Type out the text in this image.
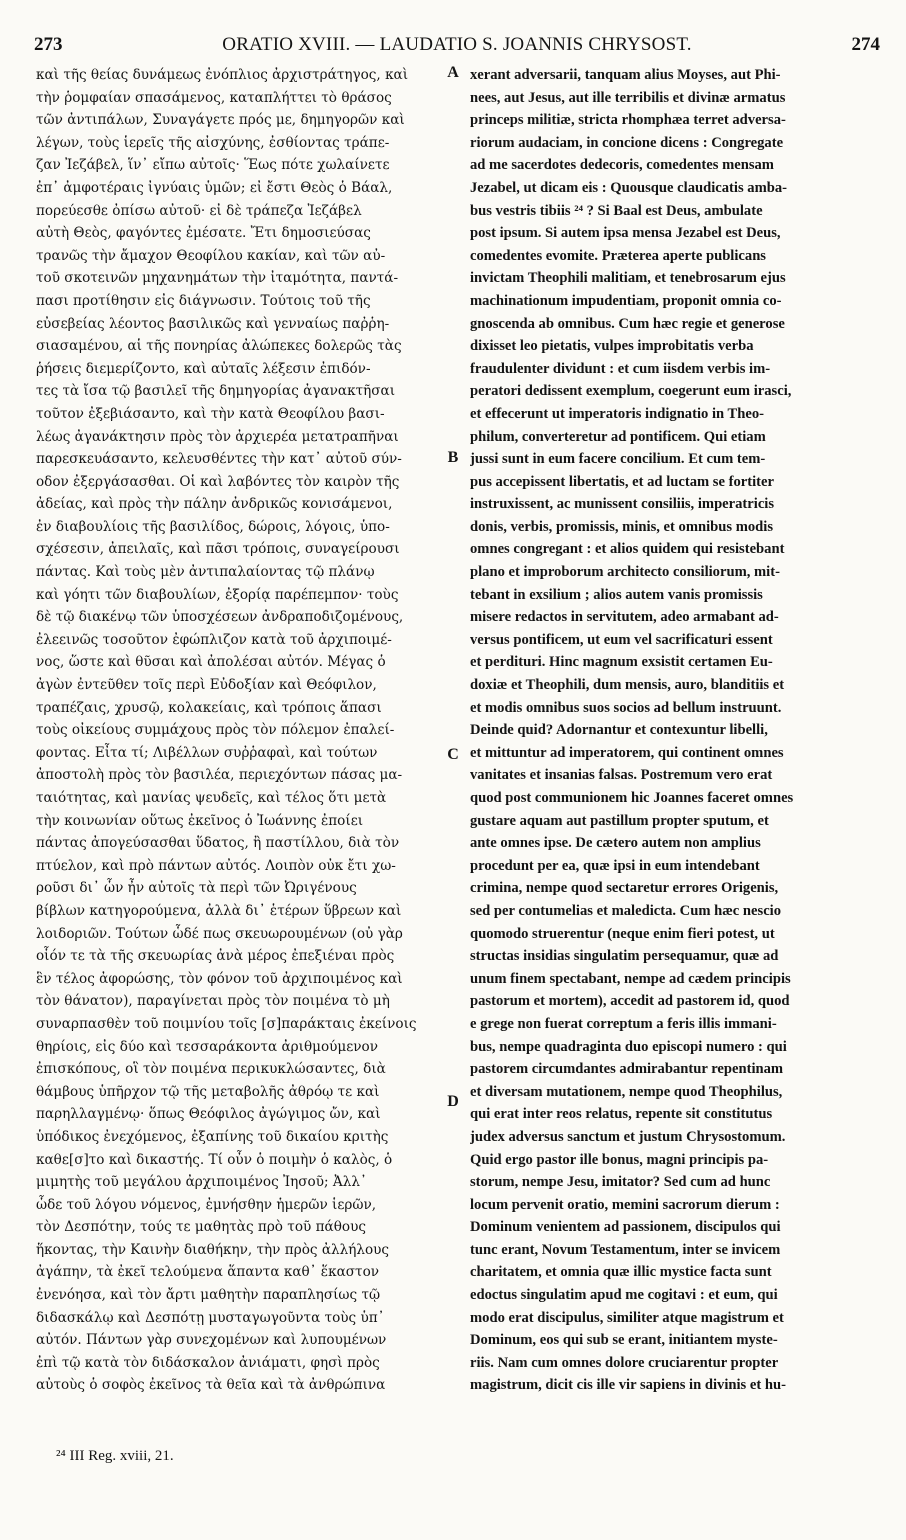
273	ORATIO XVIII. — LAUDATIO S. JOANNIS CHRYSOST.	274
καὶ τῆς θείας δυνάμεως ἐνόπλιος ἀρχιστράτηγος, καὶ
τὴν ῥομφαίαν σπασάμενος, καταπλήττει τὸ θράσος
τῶν ἀντιπάλων, Συναγάγετε πρός με, δημηγορῶν καὶ
λέγων, τοὺς ἱερεῖς τῆς αἰσχύνης, ἐσθίοντας τράπε-
ζαν Ἰεζάβελ, ἵν᾽ εἴπω αὐτοῖς· Ἕως πότε χωλαίνετε
ἐπ᾽ ἀμφοτέραις ἰγνύαις ὑμῶν; εἰ ἔστι Θεὸς ὁ Βάαλ,
πορεύεσθε ὀπίσω αὐτοῦ· εἰ δὲ τράπεζα Ἰεζάβελ
αὐτὴ Θεὸς, φαγόντες ἐμέσατε. Ἔτι δημοσιεύσας
τρανῶς τὴν ἄμαχον Θεοφίλου κακίαν, καὶ τῶν αὐ-
τοῦ σκοτεινῶν μηχανημάτων τὴν ἰταμότητα, παντά-
πασι προτίθησιν εἰς διάγνωσιν. Τούτοις τοῦ τῆς
εὐσεβείας λέοντος βασιλικῶς καὶ γενναίως παῤῥη-
σιασαμένου, αἱ τῆς πονηρίας ἀλώπεκες δολερῶς τὰς
ῥήσεις διεμερίζοντο, καὶ αὐταῖς λέξεσιν ἐπιδόν-
τες τὰ ἴσα τῷ βασιλεῖ τῆς δημηγορίας ἀγανακτῆσαι
τοῦτον ἐξεβιάσαντο, καὶ τὴν κατὰ Θεοφίλου βασι-
λέως ἀγανάκτησιν πρὸς τὸν ἀρχιερέα μετατραπῆναι
παρεσκευάσαντο, κελευσθέντες τὴν κατ᾽ αὐτοῦ σύν-
οδον ἐξεργάσασθαι. Οἱ καὶ λαβόντες τὸν καιρὸν τῆς
ἀδείας, καὶ πρὸς τὴν πάλην ἀνδρικῶς κονισάμενοι,
ἐν διαβουλίοις τῆς βασιλίδος, δώροις, λόγοις, ὑπο-
σχέσεσιν, ἀπειλαῖς, καὶ πᾶσι τρόποις, συναγείρουσι
πάντας. Καὶ τοὺς μὲν ἀντιπαλαίοντας τῷ πλάνῳ
καὶ γόητι τῶν διαβουλίων, ἐξορίᾳ παρέπεμπον· τοὺς
δὲ τῷ διακένῳ τῶν ὑποσχέσεων ἀνδραποδιζομένους,
ἐλεεινῶς τοσοῦτον ἐφώπλιζον κατὰ τοῦ ἀρχιποιμέ-
νος, ὥστε καὶ θῦσαι καὶ ἀπολέσαι αὐτόν. Μέγας ὁ
ἀγὼν ἐντεῦθεν τοῖς περὶ Εὐδοξίαν καὶ Θεόφιλον,
τραπέζαις, χρυσῷ, κολακείαις, καὶ τρόποις ἅπασι
τοὺς οἰκείους συμμάχους πρὸς τὸν πόλεμον ἐπαλεί-
φοντας. Εἶτα τί; Λιβέλλων συῤῥαφαὶ, καὶ τούτων
ἀποστολὴ πρὸς τὸν βασιλέα, περιεχόντων πάσας μα-
ταιότητας, καὶ μανίας ψευδεῖς, καὶ τέλος ὅτι μετὰ
τὴν κοινωνίαν οὕτως ἐκεῖνος ὁ Ἰωάννης ἐποίει
πάντας ἀπογεύσασθαι ὕδατος, ἢ παστίλλου, διὰ τὸν
πτύελον, καὶ πρὸ πάντων αὐτός. Λοιπὸν οὐκ ἔτι χω-
ροῦσι δι᾽ ὧν ἦν αὐτοῖς τὰ περὶ τῶν Ὠριγένους
βίβλων κατηγορούμενα, ἀλλὰ δι᾽ ἑτέρων ὕβρεων καὶ
λοιδοριῶν. Τούτων ὧδέ πως σκευωρουμένων (οὐ γὰρ
οἷόν τε τὰ τῆς σκευωρίας ἀνὰ μέρος ἐπεξιέναι πρὸς
ἓν τέλος ἀφορώσης, τὸν φόνον τοῦ ἀρχιποιμένος καὶ
τὸν θάνατον), παραγίνεται πρὸς τὸν ποιμένα τὸ μὴ
συναρπασθὲν τοῦ ποιμνίου τοῖς [σ]παράκταις ἐκείνοις
θηρίοις, εἰς δύο καὶ τεσσαράκοντα ἀριθμούμενον
ἐπισκόπους, οἳ τὸν ποιμένα περικυκλώσαντες, διὰ
θάμβους ὑπῆρχον τῷ τῆς μεταβολῆς ἀθρόῳ τε καὶ
παρηλλαγμένῳ· ὅπως Θεόφιλος ἀγώγιμος ὤν, καὶ
ὑπόδικος ἐνεχόμενος, ἐξαπίνης τοῦ δικαίου κριτὴς
καθε[σ]το καὶ δικαστής. Τί οὖν ὁ ποιμὴν ὁ καλὸς, ὁ
μιμητὴς τοῦ μεγάλου ἀρχιποιμένος Ἰησοῦ; Ἀλλ᾽
ὧδε τοῦ λόγου νόμενος, ἐμνήσθην ἡμερῶν ἱερῶν,
τὸν Δεσπότην, τούς τε μαθητὰς πρὸ τοῦ πάθους
ἥκοντας, τὴν Καινὴν διαθήκην, τὴν πρὸς ἀλλήλους
ἀγάπην, τὰ ἐκεῖ τελούμενα ἅπαντα καθ᾽ ἕκαστον
ἐνενόησα, καὶ τὸν ἄρτι μαθητὴν παραπλησίως τῷ
διδασκάλῳ καὶ Δεσπότῃ μυσταγωγοῦντα τοὺς ὑπ᾽
αὐτόν. Πάντων γὰρ συνεχομένων καὶ λυπουμένων
ἐπὶ τῷ κατὰ τὸν διδάσκαλον ἀνιάματι, φησὶ πρὸς
αὐτοὺς ὁ σοφὸς ἐκεῖνος τὰ θεῖα καὶ τὰ ἀνθρώπινα
A
B
C
D
xerant adversarii, tanquam alius Moyses, aut Phi-
nees, aut Jesus, aut ille terribilis et divinæ armatus
princeps militiæ, stricta rhomphæa terret adversa-
riorum audaciam, in concione dicens : Congregate
ad me sacerdotes dedecoris, comedentes mensam
Jezabel, ut dicam eis : Quousque claudicatis amba-
bus vestris tibiis ²⁴ ? Si Baal est Deus, ambulate
post ipsum. Si autem ipsa mensa Jezabel est Deus,
comedentes evomite. Præterea aperte publicans
invictam Theophili malitiam, et tenebrosarum ejus
machinationum impudentiam, proponit omnia co-
gnoscenda ab omnibus. Cum hæc regie et generose
dixisset leo pietatis, vulpes improbitatis verba
fraudulenter dividunt : et cum iisdem verbis im-
peratori dedissent exemplum, coegerunt eum irasci,
et effecerunt ut imperatoris indignatio in Theo-
philum, converteretur ad pontificem. Qui etiam
jussi sunt in eum facere concilium. Et cum tem-
pus accepissent libertatis, et ad luctam se fortiter
instruxissent, ac munissent consiliis, imperatricis
donis, verbis, promissis, minis, et omnibus modis
omnes congregant : et alios quidem qui resistebant
plano et improborum architecto consiliorum, mit-
tebant in exsilium ; alios autem vanis promissis
misere redactos in servitutem, adeo armabant ad-
versus pontificem, ut eum vel sacrificaturi essent
et perdituri. Hinc magnum exsistit certamen Eu-
doxiæ et Theophili, dum mensis, auro, blanditiis et
et modis omnibus suos socios ad bellum instruunt.
Deinde quid? Adornantur et contexuntur libelli,
et mittuntur ad imperatorem, qui continent omnes
vanitates et insanias falsas. Postremum vero erat
quod post communionem hic Joannes faceret omnes
gustare aquam aut pastillum propter sputum, et
ante omnes ipse. De cætero autem non amplius
procedunt per ea, quæ ipsi in eum intendebant
crimina, nempe quod sectaretur errores Origenis,
sed per contumelias et maledicta. Cum hæc nescio
quomodo struerentur (neque enim fieri potest, ut
structas insidias singulatim persequamur, quæ ad
unum finem spectabant, nempe ad cædem principis
pastorum et mortem), accedit ad pastorem id, quod
e grege non fuerat correptum a feris illis immani-
bus, nempe quadraginta duo episcopi numero : qui
pastorem circumdantes admirabantur repentinam
et diversam mutationem, nempe quod Theophilus,
qui erat inter reos relatus, repente sit constitutus
judex adversus sanctum et justum Chrysostomum.
Quid ergo pastor ille bonus, magni principis pa-
storum, nempe Jesu, imitator? Sed cum ad hunc
locum pervenit oratio, memini sacrorum dierum :
Dominum venientem ad passionem, discipulos qui
tunc erant, Novum Testamentum, inter se invicem
charitatem, et omnia quæ illic mystice facta sunt
edoctus singulatim apud me cogitavi : et eum, qui
modo erat discipulus, similiter atque magistrum et
Dominum, eos qui sub se erant, initiantem myste-
riis. Nam cum omnes dolore cruciarentur propter
magistrum, dicit cis ille vir sapiens in divinis et hu-
²⁴ III Reg. xviii, 21.
